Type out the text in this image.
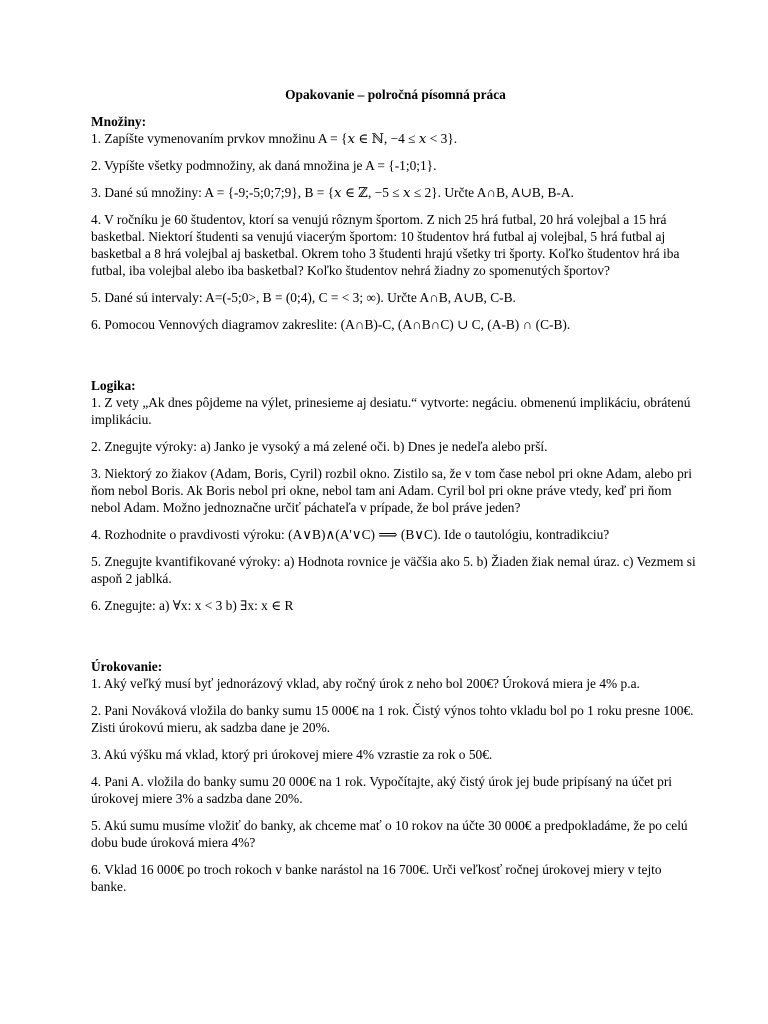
Opakovanie – polročná písomná práca
Množiny:
1. Zapíšte vymenovaním prvkov množinu A = {𝑥 ∈ ℕ, −4 ≤ 𝑥 < 3}.
2. Vypíšte všetky podmnožiny, ak daná množina je A = {-1;0;1}.
3. Dané sú množiny: A = {-9;-5;0;7;9}, B = {𝑥 ∈ ℤ, −5 ≤ 𝑥 ≤ 2}. Určte A∩B, A∪B, B-A.
4. V ročníku je 60 študentov, ktorí sa venujú rôznym športom. Z nich 25 hrá futbal, 20 hrá volejbal a 15 hrá basketbal. Niektorí študenti sa venujú viacerým športom: 10 študentov hrá futbal aj volejbal, 5 hrá futbal aj basketbal a 8 hrá volejbal aj basketbal. Okrem toho 3 študenti hrajú všetky tri športy. Koľko študentov hrá iba futbal, iba volejbal alebo iba basketbal? Koľko študentov nehrá žiadny zo spomenutých športov?
5. Dané sú intervaly: A=(-5;0>, B = (0;4), C = < 3; ∞). Určte A∩B, A∪B, C-B.
6. Pomocou Vennových diagramov zakreslite: (A∩B)-C, (A∩B∩C) ∪ C, (A-B) ∩ (C-B).
Logika:
1. Z vety „Ak dnes pôjdeme na výlet, prinesieme aj desiatu.“ vytvorte: negáciu. obmenenú implikáciu, obrátenú implikáciu.
2. Znegujte výroky: a) Janko je vysoký a má zelené oči. b) Dnes je nedeľa alebo prší.
3. Niektorý zo žiakov (Adam, Boris, Cyril) rozbil okno. Zistilo sa, že v tom čase nebol pri okne Adam, alebo pri ňom nebol Boris. Ak Boris nebol pri okne, nebol tam ani Adam. Cyril bol pri okne práve vtedy, keď pri ňom nebol Adam. Možno jednoznačne určiť páchateľa v prípade, že bol práve jeden?
4. Rozhodnite o pravdivosti výroku: (A∨B)∧(A'∨C) ⟹ (B∨C). Ide o tautológiu, kontradikciu?
5. Znegujte kvantifikované výroky: a) Hodnota rovnice je väčšia ako 5. b) Žiaden žiak nemal úraz. c) Vezmem si aspoň 2 jablká.
6. Znegujte: a) ∀x: x < 3 b) ∃x: x ∈ R
Úrokovanie:
1. Aký veľký musí byť jednorázový vklad, aby ročný úrok z neho bol 200€? Úroková miera je 4% p.a.
2. Pani Nováková vložila do banky sumu 15 000€ na 1 rok. Čistý výnos tohto vkladu bol po 1 roku presne 100€. Zisti úrokovú mieru, ak sadzba dane je 20%.
3. Akú výšku má vklad, ktorý pri úrokovej miere 4% vzrastie za rok o 50€.
4. Pani A. vložila do banky sumu 20 000€ na 1 rok. Vypočítajte, aký čistý úrok jej bude pripísaný na účet pri úrokovej miere 3% a sadzba dane 20%.
5. Akú sumu musíme vložiť do banky, ak chceme mať o 10 rokov na účte 30 000€ a predpokladáme, že po celú dobu bude úroková miera 4%?
6. Vklad 16 000€ po troch rokoch v banke narástol na 16 700€. Urči veľkosť ročnej úrokovej miery v tejto banke.
